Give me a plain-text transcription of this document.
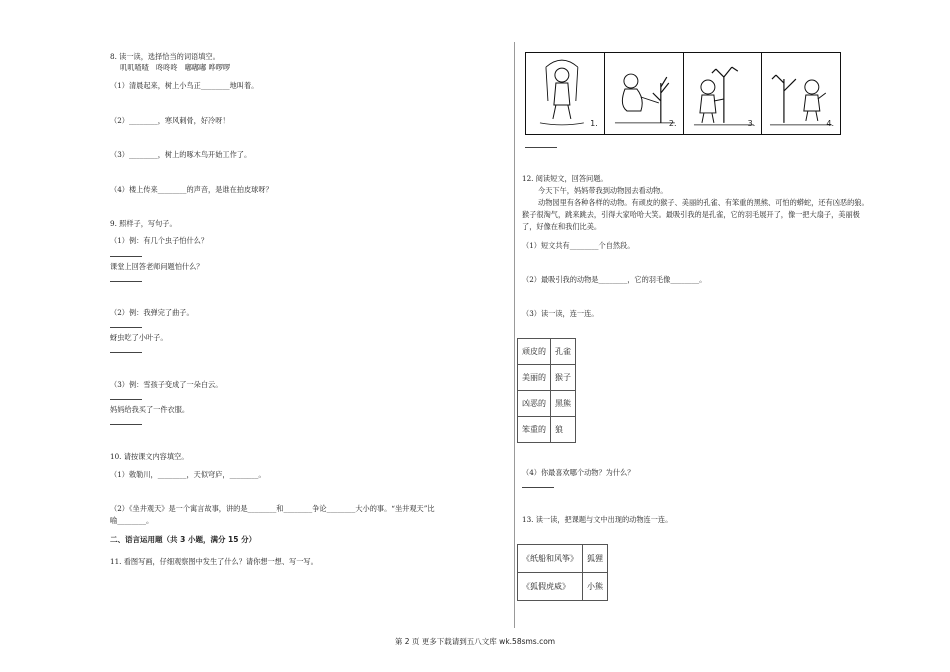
8. 读一读，选择恰当的词语填空。
叽叽喳喳　咚咚咚　嘟嘟嘟 哗啰啰
（1）清晨起来，树上小鸟正________地叫着。
（2）________，寒风刺骨，好冷呀！
（3）________，树上的啄木鸟开始工作了。
（4）楼上传来________的声音，是谁在拍皮球呀？
9. 照样子，写句子。
（1）例：有几个虫子怕什么？
课堂上回答老师问题怕什么？
（2）例：我弹完了曲子。
蚜虫吃了小叶子。
（3）例：雪孩子变成了一朵白云。
妈妈给我买了一件衣服。
10. 请按课文内容填空。
（1）敕勒川，________，天似穹庐，________。
（2）《坐井观天》是一个寓言故事，讲的是________和________争论________大小的事。“坐井观天”比
喻________。
二、语言运用题（共 3 小题，满分 15 分）
11. 看图写画，仔细观察图中发生了什么？请你想一想、写一写。
1.	2.	3.	4.
12. 阅读短文，回答问题。
今天下午，妈妈带我到动物园去看动物。
动物园里有各种各样的动物。有顽皮的猴子、美丽的孔雀、有笨重的黑熊、可怕的蟒蛇，还有凶恶的狼。
猴子很淘气，跳来跳去，引得大家哈哈大笑。最吸引我的是孔雀，它的羽毛展开了，像一把大扇子，美丽极
了，好像在和我们比美。
（1）短文共有________个自然段。
（2）最吸引我的动物是________，它的羽毛像________。
（3）读一读，连一连。
顽皮的	孔雀
美丽的	猴子
凶恶的	黑熊
笨重的	狼
（4）你最喜欢哪个动物？为什么？
13. 读一读，把课题与文中出现的动物连一连。
《纸船和风筝》	狐狸
《狐假虎威》	小熊
第 2 页 更多下载请到五八文库 wk.58sms.com
